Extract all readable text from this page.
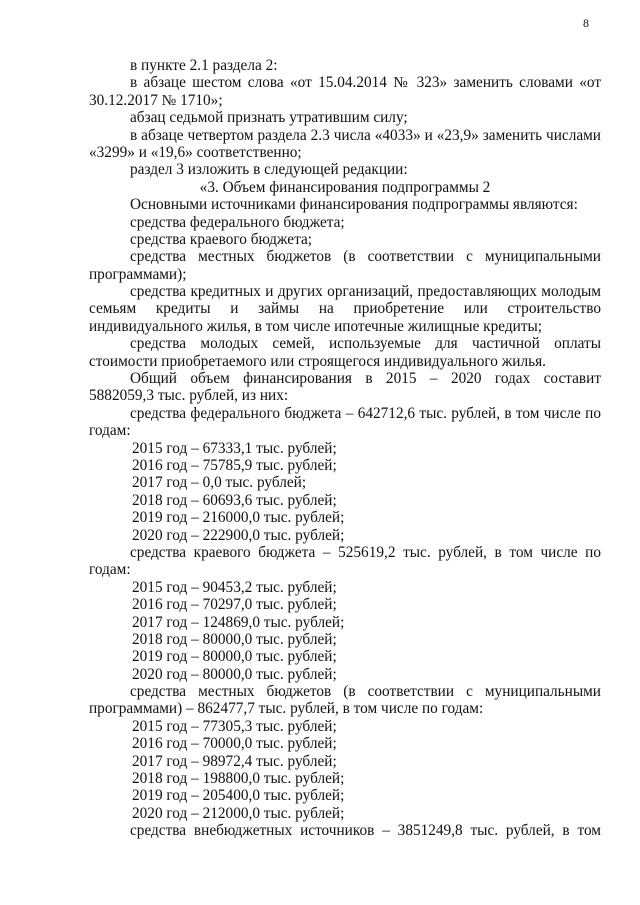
8
в пункте 2.1 раздела 2:
в абзаце шестом слова «от 15.04.2014 № 323» заменить словами «от
30.12.2017 № 1710»;
абзац седьмой признать утратившим силу;
в абзаце четвертом раздела 2.3 числа «4033» и «23,9» заменить числами
«3299» и «19,6» соответственно;
раздел 3 изложить в следующей редакции:
«3. Объем финансирования подпрограммы 2
Основными источниками финансирования подпрограммы являются:
средства федерального бюджета;
средства краевого бюджета;
средства местных бюджетов (в соответствии с муниципальными
программами);
средства кредитных и других организаций, предоставляющих молодым
семьям кредиты и займы на приобретение или строительство
индивидуального жилья, в том числе ипотечные жилищные кредиты;
средства молодых семей, используемые для частичной оплаты
стоимости приобретаемого или строящегося индивидуального жилья.
Общий объем финансирования в 2015 – 2020 годах составит
5882059,3 тыс. рублей, из них:
средства федерального бюджета – 642712,6 тыс. рублей, в том числе по
годам:
2015 год – 67333,1 тыс. рублей;
2016 год – 75785,9 тыс. рублей;
2017 год – 0,0 тыс. рублей;
2018 год – 60693,6 тыс. рублей;
2019 год – 216000,0 тыс. рублей;
2020 год – 222900,0 тыс. рублей;
средства краевого бюджета – 525619,2 тыс. рублей, в том числе по
годам:
2015 год – 90453,2 тыс. рублей;
2016 год – 70297,0 тыс. рублей;
2017 год – 124869,0 тыс. рублей;
2018 год – 80000,0 тыс. рублей;
2019 год – 80000,0 тыс. рублей;
2020 год – 80000,0 тыс. рублей;
средства местных бюджетов (в соответствии с муниципальными
программами) – 862477,7 тыс. рублей, в том числе по годам:
2015 год – 77305,3 тыс. рублей;
2016 год – 70000,0 тыс. рублей;
2017 год – 98972,4 тыс. рублей;
2018 год – 198800,0 тыс. рублей;
2019 год – 205400,0 тыс. рублей;
2020 год – 212000,0 тыс. рублей;
средства внебюджетных источников – 3851249,8 тыс. рублей, в том
